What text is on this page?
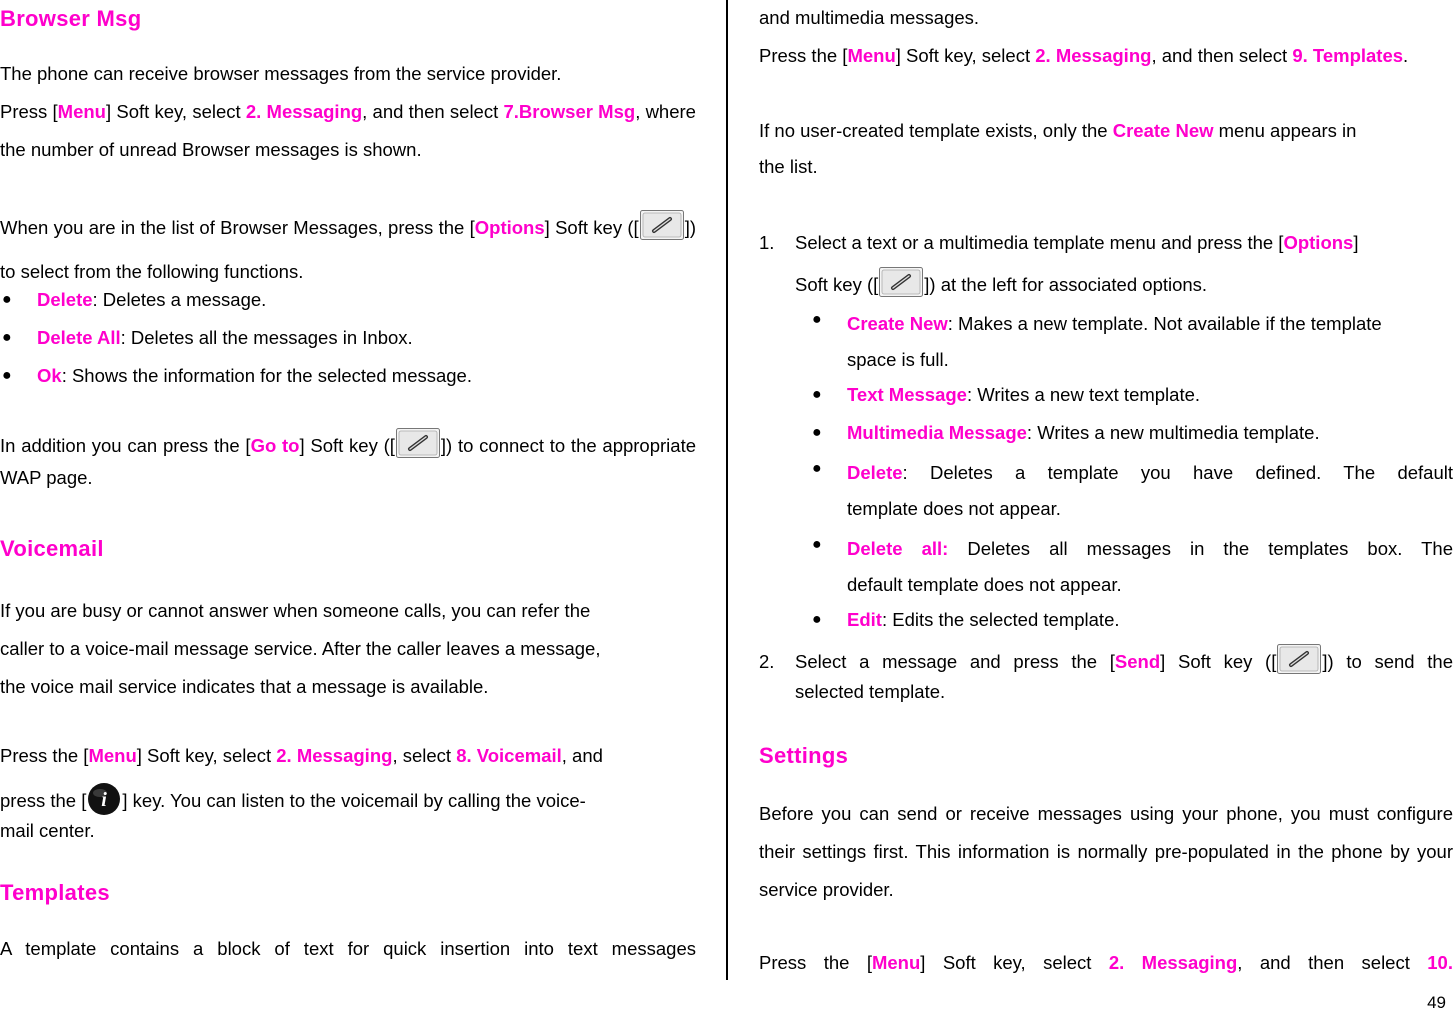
Browser Msg
The phone can receive browser messages from the service provider.
Press [Menu] Soft key, select 2. Messaging, and then select 7.Browser Msg, where the number of unread Browser messages is shown.
When you are in the list of Browser Messages, press the [Options] Soft key ([ ]) to select from the following functions.
● Delete: Deletes a message.
● Delete All: Deletes all the messages in Inbox.
● Ok: Shows the information for the selected message.
In addition you can press the [Go to] Soft key ([ ]) to connect to the appropriate WAP page.
Voicemail
If you are busy or cannot answer when someone calls, you can refer the
caller to a voice-mail message service. After the caller leaves a message,
the voice mail service indicates that a message is available.
Press the [Menu] Soft key, select 2. Messaging, select 8. Voicemail, and
press the [ ] key. You can listen to the voicemail by calling the voice-
mail center.
Templates
A template contains a block of text for quick insertion into text messages
and multimedia messages.
Press the [Menu] Soft key, select 2. Messaging, and then select 9. Templates.
If no user-created template exists, only the Create New menu appears in
the list.
1. Select a text or a multimedia template menu and press the [Options]
Soft key ([ ]) at the left for associated options.
● Create New: Makes a new template. Not available if the template
space is full.
● Text Message: Writes a new text template.
● Multimedia Message: Writes a new multimedia template.
● Delete: Deletes a template you have defined. The default
template does not appear.
● Delete all: Deletes all messages in the templates box. The
default template does not appear.
● Edit: Edits the selected template.
2. Select a message and press the [Send] Soft key ([ ]) to send the
selected template.
Settings
Before you can send or receive messages using your phone, you must configure their settings first. This information is normally pre-populated in the phone by your service provider.
Press the [Menu] Soft key, select 2. Messaging, and then select 10.
49
